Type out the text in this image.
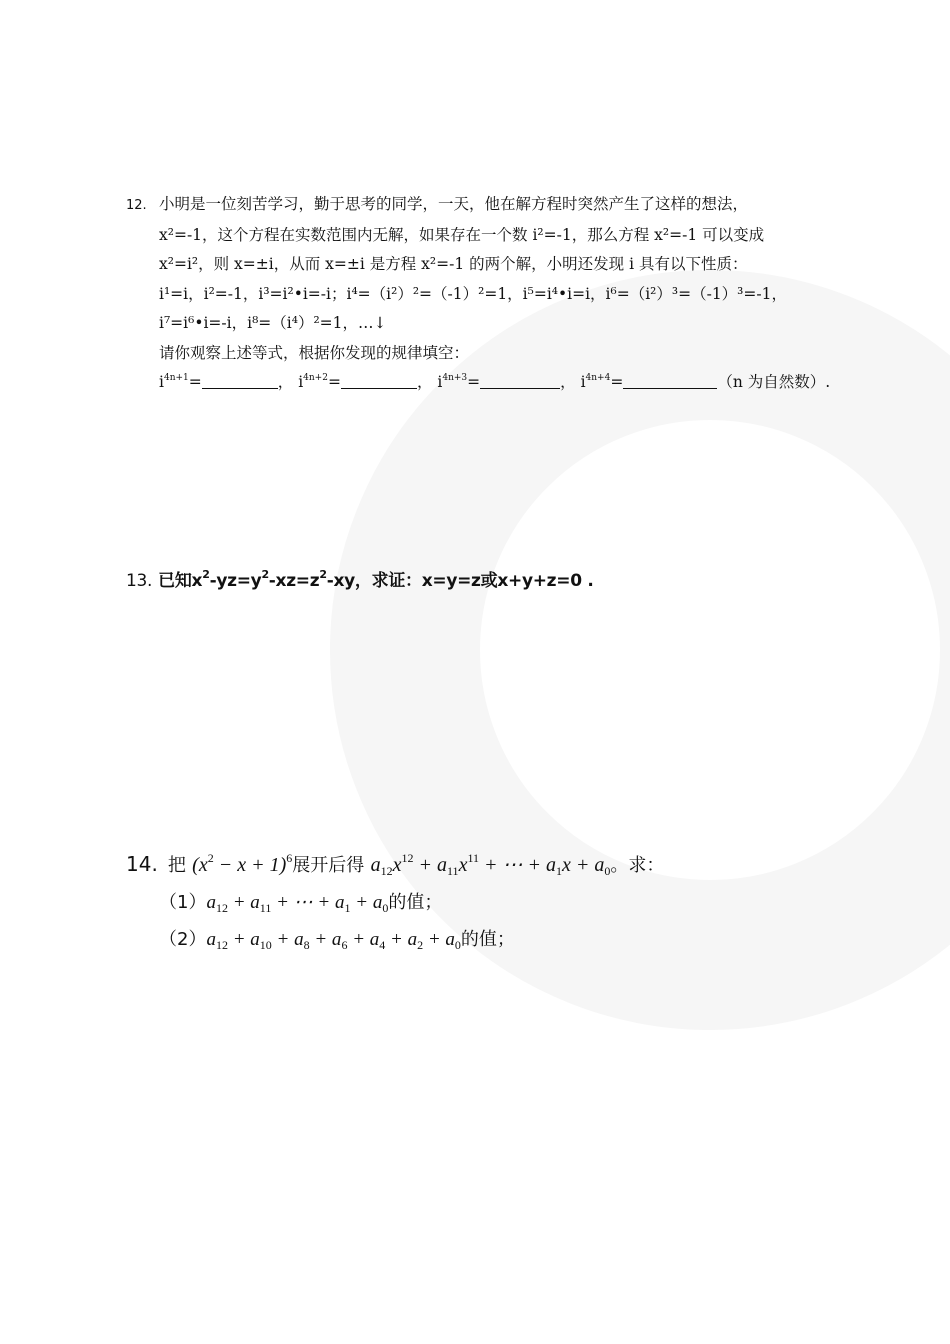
12. 小明是一位刻苦学习，勤于思考的同学，一天，他在解方程时突然产生了这样的想法，
x²=-1，这个方程在实数范围内无解，如果存在一个数 i²=-1，那么方程 x²=-1 可以变成
x²=i²，则 x=±i，从而 x=±i 是方程 x²=-1 的两个解，小明还发现 i 具有以下性质：
i¹=i，i²=-1，i³=i²•i=-i；i⁴=（i²）²=（-1）²=1，i⁵=i⁴•i=i，i⁶=（i²）³=（-1）³=-1，
i⁷=i⁶•i=-i，i⁸=（i⁴）²=1，…↓
请你观察上述等式，根据你发现的规律填空：
$i^{4n+1}=$	， $i^{4n+2}=$	， $i^{4n+3}=$	， $i^{4n+4}=$	（n 为自然数）.
13. 已知$x^2-yz=y^2-xz=z^2-xy$，求证：x=y=z或x+y+z=0 .
14. 把 $(x^2 - x + 1)^6$展开后得 $a_{12}x^{12} + a_{11}x^{11}$ + ⋯ + $a_1x + a_0$。求：
$(1)a_{12} + a_{11}$ + ⋯ + $a_1 + a_0$的值；
$(2)a_{12} + a_{10} + a_8 + a_6 + a_4 + a_2 + a_0$的值；
